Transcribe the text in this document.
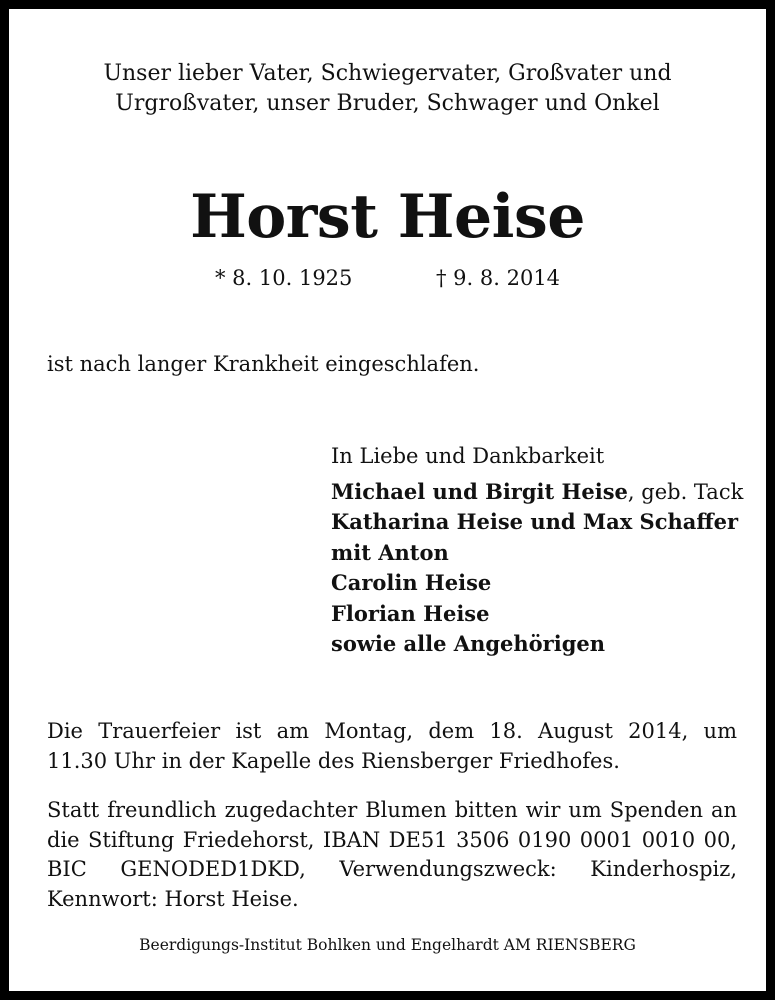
Unser lieber Vater, Schwiegervater, Großvater und
Urgroßvater, unser Bruder, Schwager und Onkel
Horst Heise
* 8. 10. 1925	† 9. 8. 2014
ist nach langer Krankheit eingeschlafen.
In Liebe und Dankbarkeit
Michael und Birgit Heise, geb. Tack
Katharina Heise und Max Schaffer
mit Anton
Carolin Heise
Florian Heise
sowie alle Angehörigen
Die Trauerfeier ist am Montag, dem 18. August 2014, um
11.30 Uhr in der Kapelle des Riensberger Friedhofes.
Statt freundlich zugedachter Blumen bitten wir um Spenden an
die Stiftung Friedehorst, IBAN DE51 3506 0190 0001 0010 00,
BIC GENODED1DKD, Verwendungszweck: Kinderhospiz,
Kennwort: Horst Heise.
Beerdigungs-Institut Bohlken und Engelhardt AM RIENSBERG
